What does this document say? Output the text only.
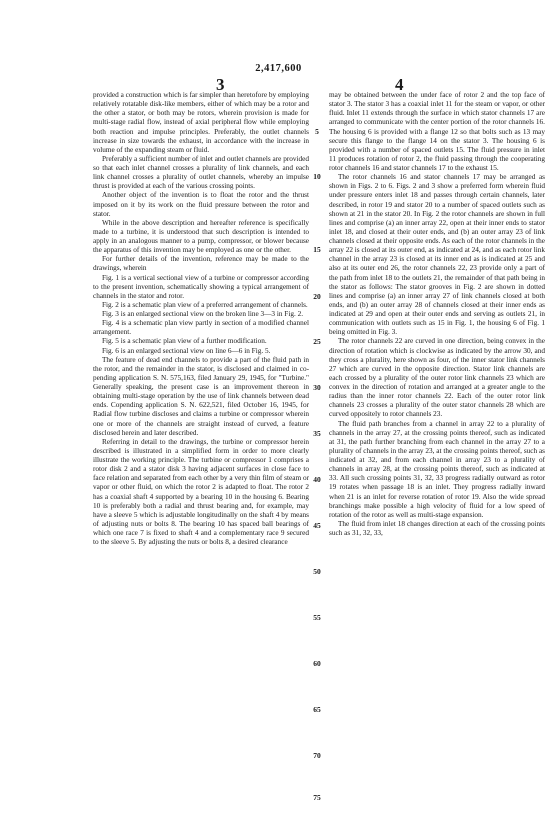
2,417,600
3	4

provided a construction which is far simpler than heretofore by employing relatively rotatable disk-like members, either of which may be a rotor and the other a stator, or both may be rotors, wherein provision is made for multi-stage radial flow, instead of axial peripheral flow while employing both reaction and impulse principles. Preferably, the outlet channels increase in size towards the exhaust, in accordance with the increase in volume of the expanding steam or fluid.

Preferably a sufficient number of inlet and outlet channels are provided so that each inlet channel crosses a plurality of link channels, and each link channel crosses a plurality of outlet channels, whereby an impulse thrust is provided at each of the various crossing points.

Another object of the invention is to float the rotor and the thrust imposed on it by its work on the fluid pressure between the rotor and stator.

While in the above description and hereafter reference is specifically made to a turbine, it is understood that such description is intended to apply in an analogous manner to a pump, compressor, or blower because the apparatus of this invention may be employed as one or the other.

For further details of the invention, reference may be made to the drawings, wherein

Fig. 1 is a vertical sectional view of a turbine or compressor according to the present invention, schematically showing a typical arrangement of channels in the stator and rotor.

Fig. 2 is a schematic plan view of a preferred arrangement of channels.

Fig. 3 is an enlarged sectional view on the broken line 3—3 in Fig. 2.

Fig. 4 is a schematic plan view partly in section of a modified channel arrangement.

Fig. 5 is a schematic plan view of a further modification.

Fig. 6 is an enlarged sectional view on line 6—6 in Fig. 5.

The feature of dead end channels to provide a part of the fluid path in the rotor, and the remainder in the stator, is disclosed and claimed in co-pending application S. N. 575,163, filed January 29, 1945, for "Turbine." Generally speaking, the present case is an improvement thereon in obtaining multi-stage operation by the use of link channels between dead ends. Copending application S. N. 622,521, filed October 16, 1945, for Radial flow turbine discloses and claims a turbine or compressor wherein one or more of the channels are straight instead of curved, a feature disclosed herein and later described.

Referring in detail to the drawings, the turbine or compressor herein described is illustrated in a simplified form in order to more clearly illustrate the working principle. The turbine or compressor 1 comprises a rotor disk 2 and a stator disk 3 having adjacent surfaces in close face to face relation and separated from each other by a very thin film of steam or vapor or other fluid, on which the rotor 2 is adapted to float. The rotor 2 has a coaxial shaft 4 supported by a bearing 10 in the housing 6. Bearing 10 is preferably both a radial and thrust bearing and, for example, may have a sleeve 5 which is adjustable longitudinally on the shaft 4 by means of adjusting nuts or bolts 8. The bearing 10 has spaced ball bearings of which one race 7 is fixed to shaft 4 and a complementary race 9 secured to the sleeve 5. By adjusting the nuts or bolts 8, a desired clearance

may be obtained between the under face of rotor 2 and the top face of stator 3. The stator 3 has a coaxial inlet 11 for the steam or vapor, or other fluid. Inlet 11 extends through the surface in which stator channels 17 are arranged to communicate with the center portion of the rotor channels 16. The housing 6 is provided with a flange 12 so that bolts such as 13 may secure this flange to the flange 14 on the stator 3. The housing 6 is provided with a number of spaced outlets 15. The fluid pressure in inlet 11 produces rotation of rotor 2, the fluid passing through the cooperating rotor channels 16 and stator channels 17 to the exhaust 15.

The rotor channels 16 and stator channels 17 may be arranged as shown in Figs. 2 to 6. Figs. 2 and 3 show a preferred form wherein fluid under pressure enters inlet 18 and passes through certain channels, later described, in rotor 19 and stator 20 to a number of spaced outlets such as shown at 21 in the stator 20. In Fig. 2 the rotor channels are shown in full lines and comprise (a) an inner array 22, open at their inner ends to stator inlet 18, and closed at their outer ends, and (b) an outer array 23 of link channels closed at their opposite ends. As each of the rotor channels in the array 22 is closed at its outer end, as indicated at 24, and as each rotor link channel in the array 23 is closed at its inner end as is indicated at 25 and also at its outer end 26, the rotor channels 22, 23 provide only a part of the path from inlet 18 to the outlets 21, the remainder of that path being in the stator as follows: The stator grooves in Fig. 2 are shown in dotted lines and comprise (a) an inner array 27 of link channels closed at both ends, and (b) an outer array 28 of channels closed at their inner ends as indicated at 29 and open at their outer ends and serving as outlets 21, in communication with outlets such as 15 in Fig. 1, the housing 6 of Fig. 1 being omitted in Fig. 3.

The rotor channels 22 are curved in one direction, being convex in the direction of rotation which is clockwise as indicated by the arrow 30, and they cross a plurality, here shown as four, of the inner stator link channels 27 which are curved in the opposite direction. Stator link channels are each crossed by a plurality of the outer rotor link channels 23 which are convex in the direction of rotation and arranged at a greater angle to the radius than the inner rotor channels 22. Each of the outer rotor link channels 23 crosses a plurality of the outer stator channels 28 which are curved oppositely to rotor channels 23.

The fluid path branches from a channel in array 22 to a plurality of channels in the array 27, at the crossing points thereof, such as indicated at 31, the path further branching from each channel in the array 27 to a plurality of channels in the array 23, at the crossing points thereof, such as indicated at 32, and from each channel in array 23 to a plurality of channels in array 28, at the crossing points thereof, such as indicated at 33. All such crossing points 31, 32, 33 progress radially outward as rotor 19 rotates when passage 18 is an inlet. They progress radially inward when 21 is an inlet for reverse rotation of rotor 19. Also the wide spread branchings make possible a high velocity of fluid for a low speed of rotation of the rotor as well as multi-stage expansion.

The fluid from inlet 18 changes direction at each of the crossing points such as 31, 32, 33,

5
10
15
20
25
30
35
40
45
50
55
60
65
70
75
